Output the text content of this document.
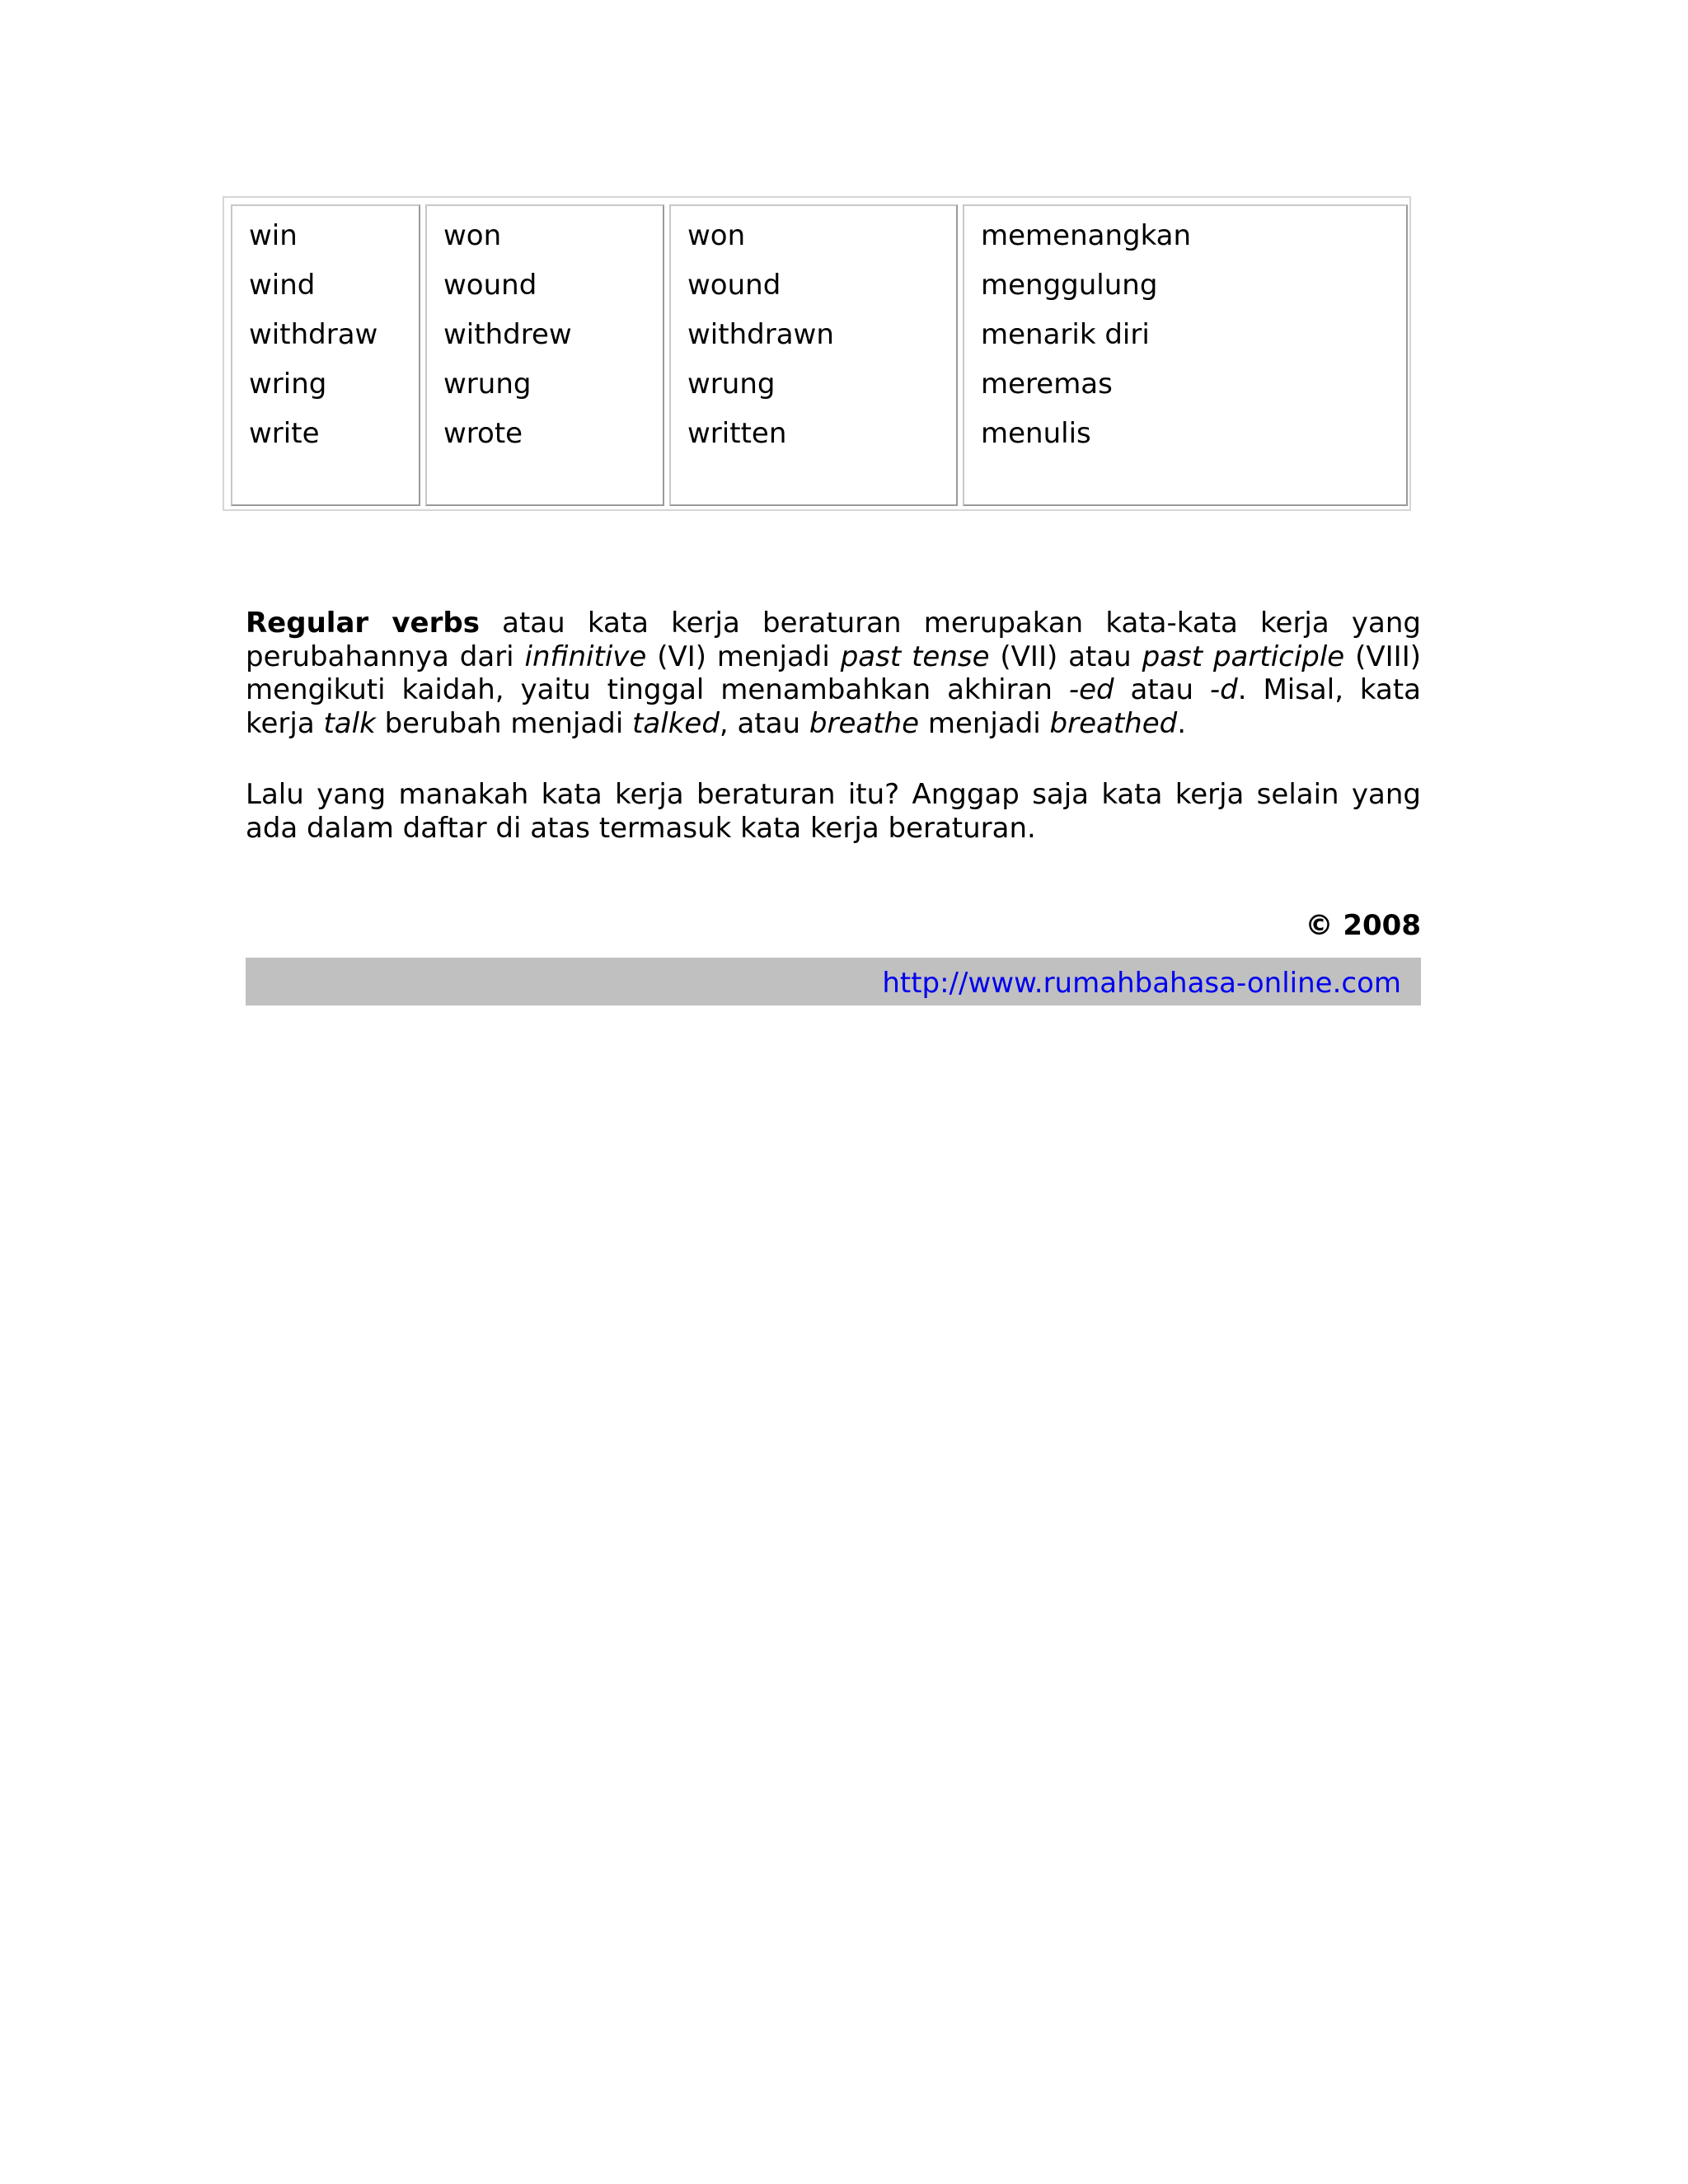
win
wind
withdraw
wring
write
won
wound
withdrew
wrung
wrote
won
wound
withdrawn
wrung
written
memenangkan
menggulung
menarik diri
meremas
menulis

Regular verbs atau kata kerja beraturan merupakan kata-kata kerja yang perubahannya dari infinitive (VI) menjadi past tense (VII) atau past participle (VIII) mengikuti kaidah, yaitu tinggal menambahkan akhiran -ed atau -d. Misal, kata kerja talk berubah menjadi talked, atau breathe menjadi breathed.

Lalu yang manakah kata kerja beraturan itu? Anggap saja kata kerja selain yang ada dalam daftar di atas termasuk kata kerja beraturan.

© 2008
http://www.rumahbahasa-online.com
